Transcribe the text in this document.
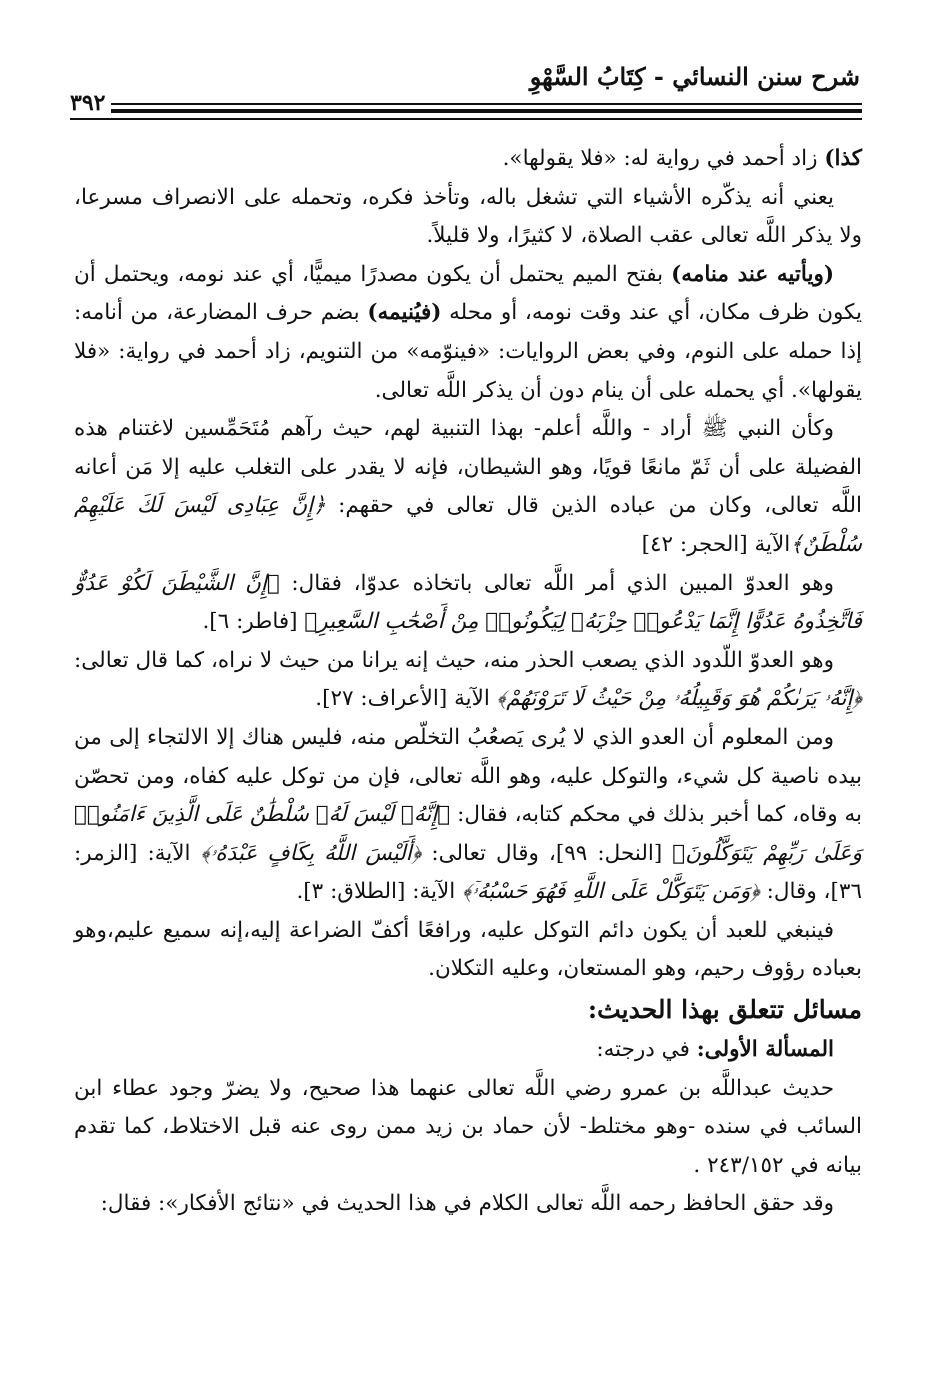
شرح سنن النسائي - كِتَابُ السَّهْوِ
٣٩٢

كذا) زاد أحمد في رواية له: «فلا يقولها».

يعني أنه يذكّره الأشياء التي تشغل باله، وتأخذ فكره، وتحمله على الانصراف مسرعا، ولا يذكر اللَّه تعالى عقب الصلاة، لا كثيرًا، ولا قليلاً.

(ويأتيه عند منامه) بفتح الميم يحتمل أن يكون مصدرًا ميميًّا، أي عند نومه، ويحتمل أن يكون ظرف مكان، أي عند وقت نومه، أو محله (فيُنيمه) بضم حرف المضارعة، من أنامه: إذا حمله على النوم، وفي بعض الروايات: «فينوّمه» من التنويم، زاد أحمد في رواية: «فلا يقولها». أي يحمله على أن ينام دون أن يذكر اللَّه تعالى.

وكأن النبي ﷺ أراد - واللَّه أعلم- بهذا التنبية لهم، حيث رآهم مُتَحَمِّسين لاغتنام هذه الفضيلة على أن ثَمّ مانعًا قويًا، وهو الشيطان، فإنه لا يقدر على التغلب عليه إلا مَن أعانه اللَّه تعالى، وكان من عباده الذين قال تعالى في حقهم: ﴿إِنَّ عِبَادِى لَيْسَ لَكَ عَلَيْهِمْ سُلْطَنٌ﴾الآية [الحجر: ٤٢]

وهو العدوّ المبين الذي أمر اللَّه تعالى باتخاذه عدوّا، فقال: ﴿إِنَّ الشَّيْطَنَ لَكُوْ عَدُوٌّ فَاتَّخِذُوهُ عَدُوًّا إِنَّمَا يَدْعُوا۟ حِزْبَهُۥ لِيَكُونُوا۟ مِنْ أَصْحَٰبِ السَّعِيرِ﴾ [فاطر: ٦].

وهو العدوّ اللّدود الذي يصعب الحذر منه، حيث إنه يرانا من حيث لا نراه، كما قال تعالى: ﴿إِنَّهُۥ يَرَىٰكُمْ هُوَ وَقَبِيلُهُۥ مِنْ حَيْثُ لَا تَرَوْنَهُمْ﴾ الآية [الأعراف: ٢٧].

ومن المعلوم أن العدو الذي لا يُرى يَصعُبُ التخلّص منه، فليس هناك إلا الالتجاء إلى من بيده ناصية كل شيء، والتوكل عليه، وهو اللَّه تعالى، فإن من توكل عليه كفاه، ومن تحصّن به وقاه، كما أخبر بذلك في محكم كتابه، فقال: ﴿إِنَّهُۥ لَيْسَ لَهُۥ سُلْطَٰنٌ عَلَى الَّذِينَ ءَامَنُوا۟ وَعَلَىٰ رَبِّهِمْ يَتَوَكَّلُونَ﴾ [النحل: ٩٩]، وقال تعالى: ﴿أَلَيْسَ اللَّهُ بِكَافٍ عَبْدَهُۥ﴾ الآية: [الزمر: ٣٦]، وقال: ﴿وَمَن يَتَوَكَّلْ عَلَى اللَّهِ فَهُوَ حَسْبُهُۥٓ﴾ الآية: [الطلاق: ٣].

فينبغي للعبد أن يكون دائم التوكل عليه، ورافعًا أكفّ الضراعة إليه،إنه سميع عليم،وهو بعباده رؤوف رحيم، وهو المستعان، وعليه التكلان.

مسائل تتعلق بهذا الحديث:

المسألة الأولى: في درجته:

حديث عبداللَّه بن عمرو رضي اللَّه تعالى عنهما هذا صحيح، ولا يضرّ وجود عطاء ابن السائب في سنده -وهو مختلط- لأن حماد بن زيد ممن روى عنه قبل الاختلاط، كما تقدم بيانه في ٢٤٣/١٥٢ .

وقد حقق الحافظ رحمه اللَّه تعالى الكلام في هذا الحديث في «نتائج الأفكار»: فقال:
